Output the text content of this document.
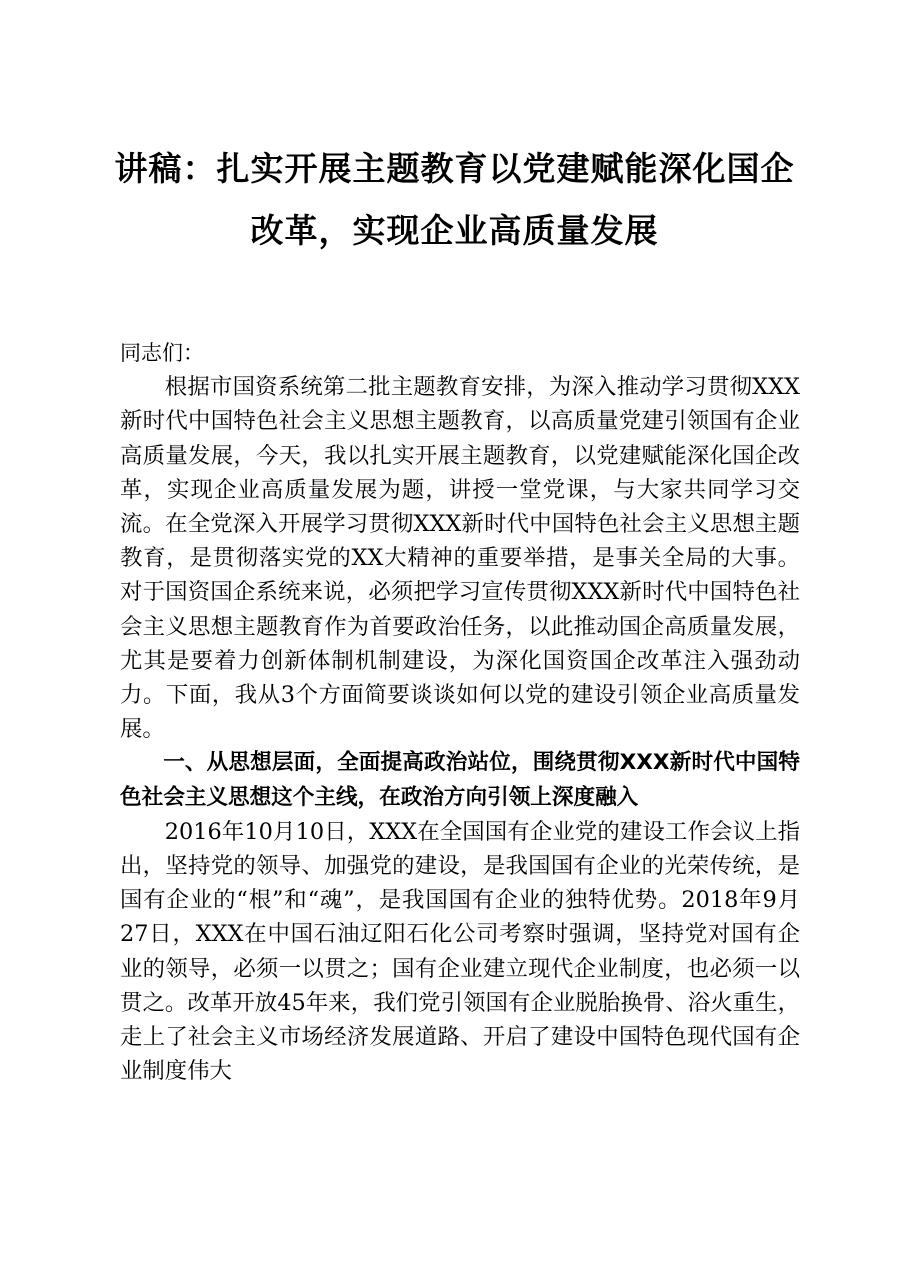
讲稿：扎实开展主题教育以党建赋能深化国企
改革，实现企业高质量发展

同志们：

根据市国资系统第二批主题教育安排，为深入推动学习贯彻XXX新时代中国特色社会主义思想主题教育，以高质量党建引领国有企业高质量发展，今天，我以扎实开展主题教育，以党建赋能深化国企改革，实现企业高质量发展为题，讲授一堂党课，与大家共同学习交流。在全党深入开展学习贯彻XXX新时代中国特色社会主义思想主题教育，是贯彻落实党的XX大精神的重要举措，是事关全局的大事。对于国资国企系统来说，必须把学习宣传贯彻XXX新时代中国特色社会主义思想主题教育作为首要政治任务，以此推动国企高质量发展，尤其是要着力创新体制机制建设，为深化国资国企改革注入强劲动力。下面，我从3个方面简要谈谈如何以党的建设引领企业高质量发展。

一、从思想层面，全面提高政治站位，围绕贯彻XXX新时代中国特色社会主义思想这个主线，在政治方向引领上深度融入

2016年10月10日，XXX在全国国有企业党的建设工作会议上指出，坚持党的领导、加强党的建设，是我国国有企业的光荣传统，是国有企业的“根”和“魂”，是我国国有企业的独特优势。2018年9月27日，XXX在中国石油辽阳石化公司考察时强调，坚持党对国有企业的领导，必须一以贯之；国有企业建立现代企业制度，也必须一以贯之。改革开放45年来，我们党引领国有企业脱胎换骨、浴火重生，走上了社会主义市场经济发展道路、开启了建设中国特色现代国有企业制度伟大
